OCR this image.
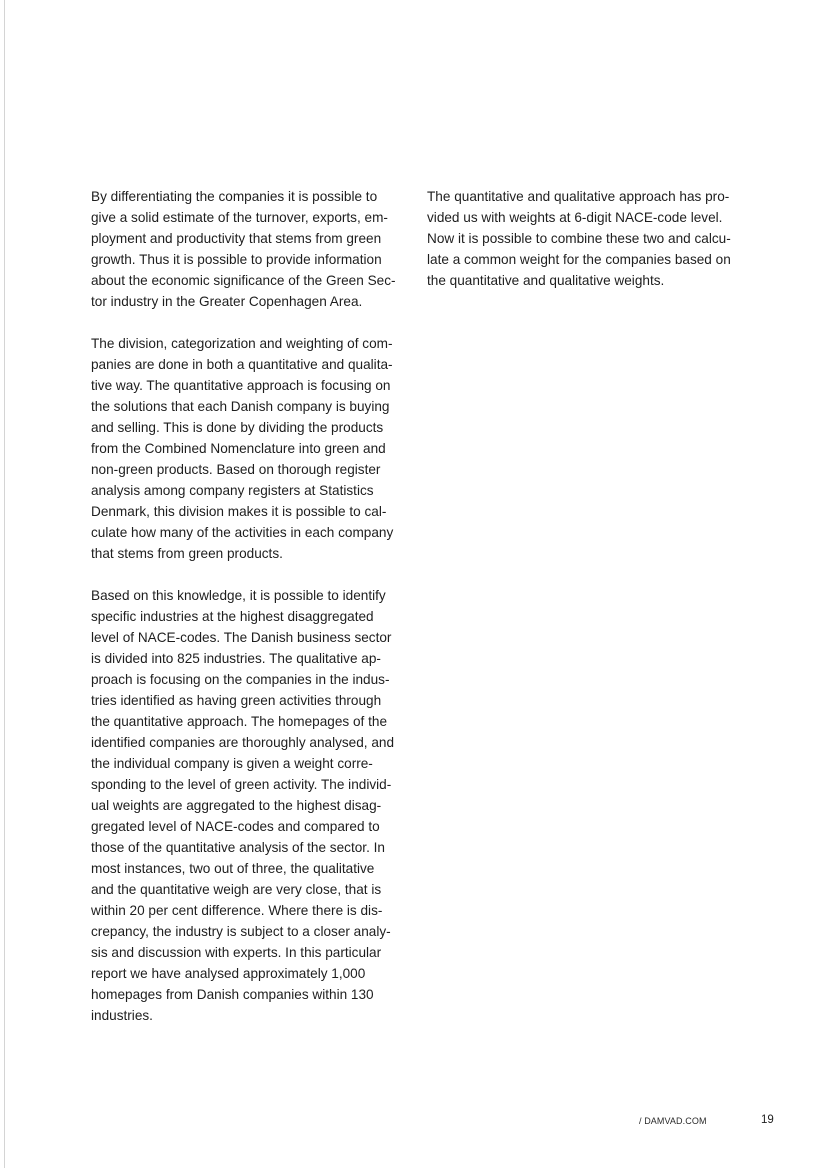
By differentiating the companies it is possible to
give a solid estimate of the turnover, exports, em-
ployment and productivity that stems from green
growth. Thus it is possible to provide information
about the economic significance of the Green Sec-
tor industry in the Greater Copenhagen Area.
The division, categorization and weighting of com-
panies are done in both a quantitative and qualita-
tive way. The quantitative approach is focusing on
the solutions that each Danish company is buying
and selling. This is done by dividing the products
from the Combined Nomenclature into green and
non-green products. Based on thorough register
analysis among company registers at Statistics
Denmark, this division makes it is possible to cal-
culate how many of the activities in each company
that stems from green products.
Based on this knowledge, it is possible to identify
specific industries at the highest disaggregated
level of NACE-codes. The Danish business sector
is divided into 825 industries. The qualitative ap-
proach is focusing on the companies in the indus-
tries identified as having green activities through
the quantitative approach. The homepages of the
identified companies are thoroughly analysed, and
the individual company is given a weight corre-
sponding to the level of green activity. The individ-
ual weights are aggregated to the highest disag-
gregated level of NACE-codes and compared to
those of the quantitative analysis of the sector. In
most instances, two out of three, the qualitative
and the quantitative weigh are very close, that is
within 20 per cent difference. Where there is dis-
crepancy, the industry is subject to a closer analy-
sis and discussion with experts. In this particular
report we have analysed approximately 1,000
homepages from Danish companies within 130
industries.
The quantitative and qualitative approach has pro-
vided us with weights at 6-digit NACE-code level.
Now it is possible to combine these two and calcu-
late a common weight for the companies based on
the quantitative and qualitative weights.
/ DAMVAD.COM	19
